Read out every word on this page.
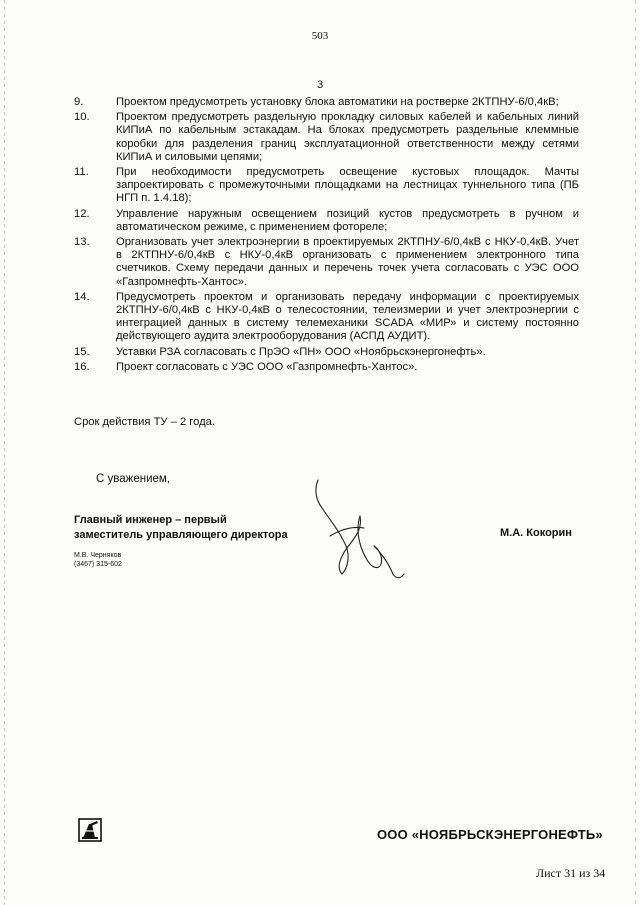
503
3
9.	Проектом предусмотреть установку блока автоматики на ростверке 2КТПНУ-6/0,4кВ;
10. Проектом предусмотреть раздельную прокладку силовых кабелей и кабельных линий КИПиА по кабельным эстакадам. На блоках предусмотреть раздельные клеммные коробки для разделения границ эксплуатационной ответственности между сетями КИПиА и силовыми цепями;
11. При необходимости предусмотреть освещение кустовых площадок. Мачты запроектировать с промежуточными площадками на лестницах туннельного типа (ПБ НГП п. 1.4.18);
12. Управление наружным освещением позиций кустов предусмотреть в ручном и автоматическом режиме, с применением фотореле;
13. Организовать учет электроэнергии в проектируемых 2КТПНУ-6/0,4кВ с НКУ-0,4кВ. Учет в 2КТПНУ-6/0,4кВ с НКУ-0,4кВ организовать с применением электронного типа счетчиков. Схему передачи данных и перечень точек учета согласовать с УЭС ООО «Газпромнефть-Хантос».
14. Предусмотреть проектом и организовать передачу информации с проектируемых 2КТПНУ-6/0,4кВ с НКУ-0,4кВ о телесостоянии, телеизмерии и учет электроэнергии с интеграцией данных в систему телемеханики SCADA «МИР» и систему постоянно действующего аудита электрооборудования (АСПД АУДИТ).
15. Уставки РЗА согласовать с ПрЭО «ПН» ООО «Ноябрьскэнергонефть».
16. Проект согласовать с УЭС ООО «Газпромнефть-Хантос».
Срок действия ТУ – 2 года.
С уважением,
Главный инженер – первый
заместитель управляющего директора	М.А. Кокорин
М.В. Черняков
(3467) 315-602
ООО «НОЯБРЬСКЭНЕРГОНЕФТЬ»
Лист 31 из 34
